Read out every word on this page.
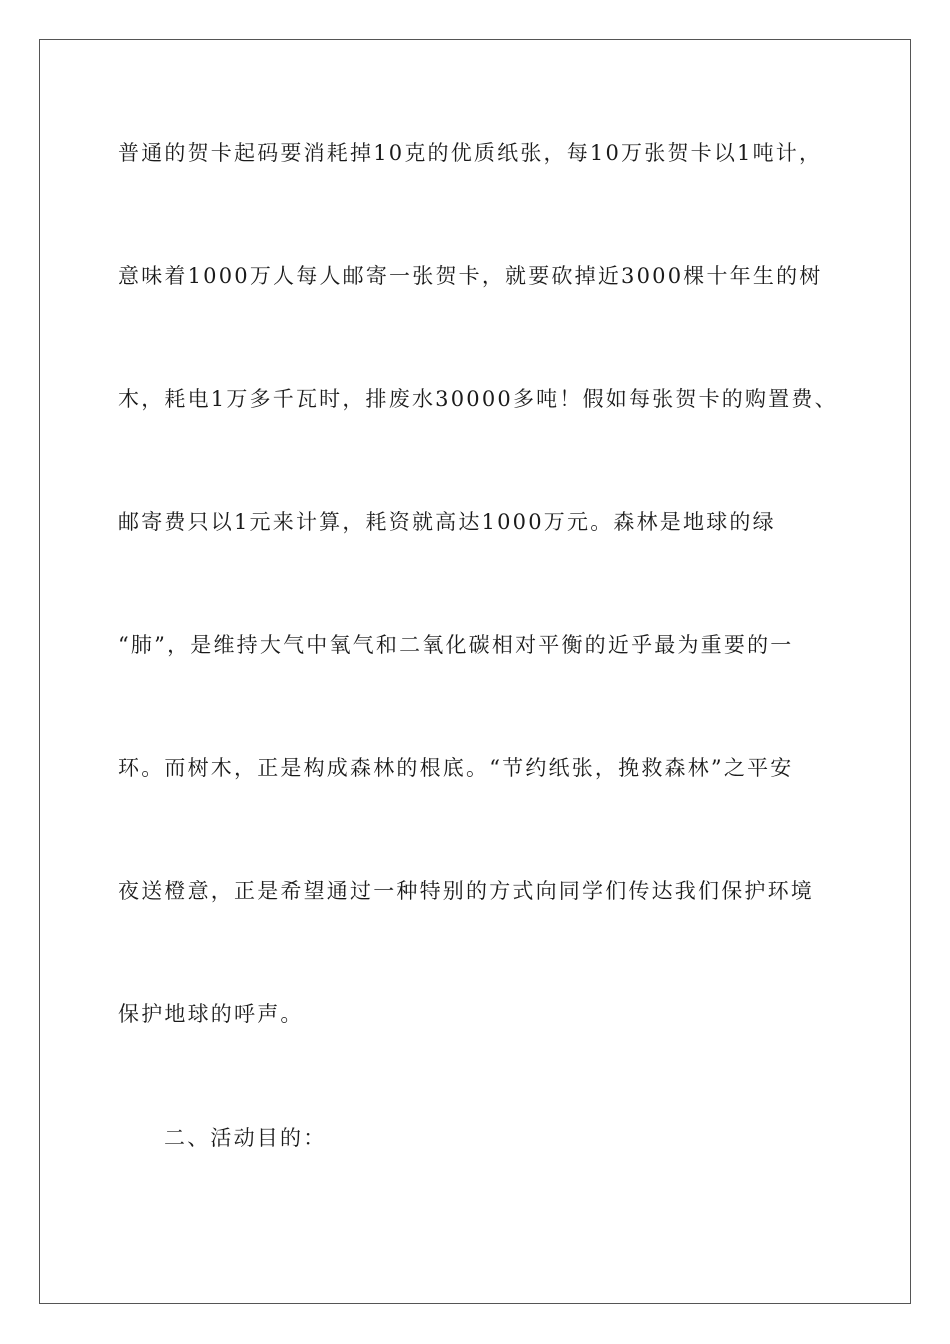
普通的贺卡起码要消耗掉10克的优质纸张，每10万张贺卡以1吨计，
意味着1000万人每人邮寄一张贺卡，就要砍掉近3000棵十年生的树
木，耗电1万多千瓦时，排废水30000多吨！假如每张贺卡的购置费、
邮寄费只以1元来计算，耗资就高达1000万元。森林是地球的绿
“肺”，是维持大气中氧气和二氧化碳相对平衡的近乎最为重要的一
环。而树木，正是构成森林的根底。“节约纸张，挽救森林”之平安
夜送橙意，正是希望通过一种特别的方式向同学们传达我们保护环境
保护地球的呼声。
二、活动目的：
